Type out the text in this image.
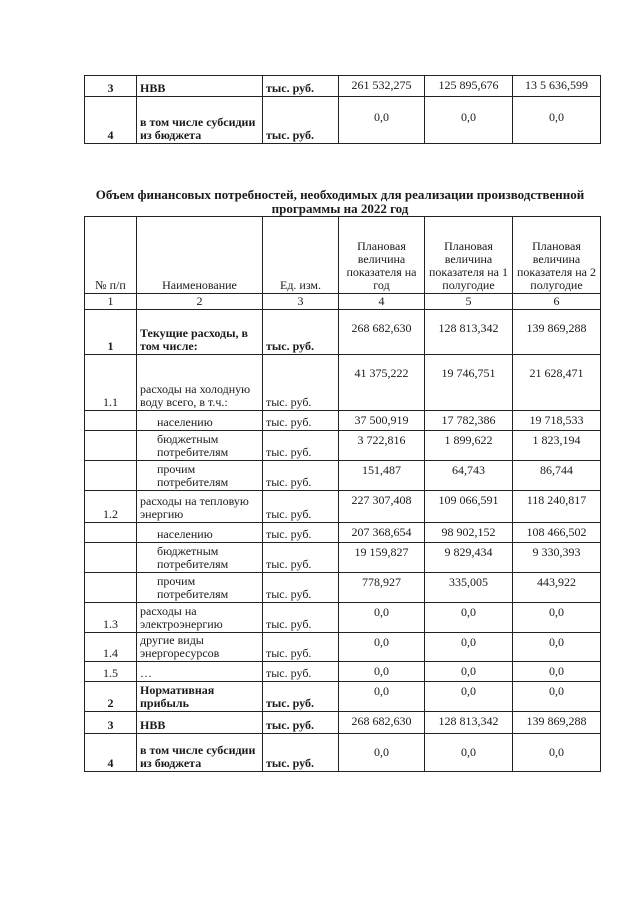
3	НВВ	тыс. руб.	261 532,275	125 895,676	13 5 636,599
4	в том числе субсидии из бюджета	тыс. руб.	0,0	0,0	0,0
Объем финансовых потребностей, необходимых для реализации производственной программы на 2022 год
№ п/п	Наименование	Ед. изм.	Плановая величина показателя на год	Плановая величина показателя на 1 полугодие	Плановая величина показателя на 2 полугодие
1	2	3	4	5	6
1	Текущие расходы, в том числе:	тыс. руб.	268 682,630	128 813,342	139 869,288
1.1	расходы на холодную воду всего, в т.ч.:	тыс. руб.	41 375,222	19 746,751	21 628,471
	населению	тыс. руб.	37 500,919	17 782,386	19 718,533
	бюджетным потребителям	тыс. руб.	3 722,816	1 899,622	1 823,194
	прочим потребителям	тыс. руб.	151,487	64,743	86,744
1.2	расходы на тепловую энергию	тыс. руб.	227 307,408	109 066,591	118 240,817
	населению	тыс. руб.	207 368,654	98 902,152	108 466,502
	бюджетным потребителям	тыс. руб.	19 159,827	9 829,434	9 330,393
	прочим потребителям	тыс. руб.	778,927	335,005	443,922
1.3	расходы на электроэнергию	тыс. руб.	0,0	0,0	0,0
1.4	другие виды энергоресурсов	тыс. руб.	0,0	0,0	0,0
1.5	…	тыс. руб.	0,0	0,0	0,0
2	Нормативная прибыль	тыс. руб.	0,0	0,0	0,0
3	НВВ	тыс. руб.	268 682,630	128 813,342	139 869,288
4	в том числе субсидии из бюджета	тыс. руб.	0,0	0,0	0,0
